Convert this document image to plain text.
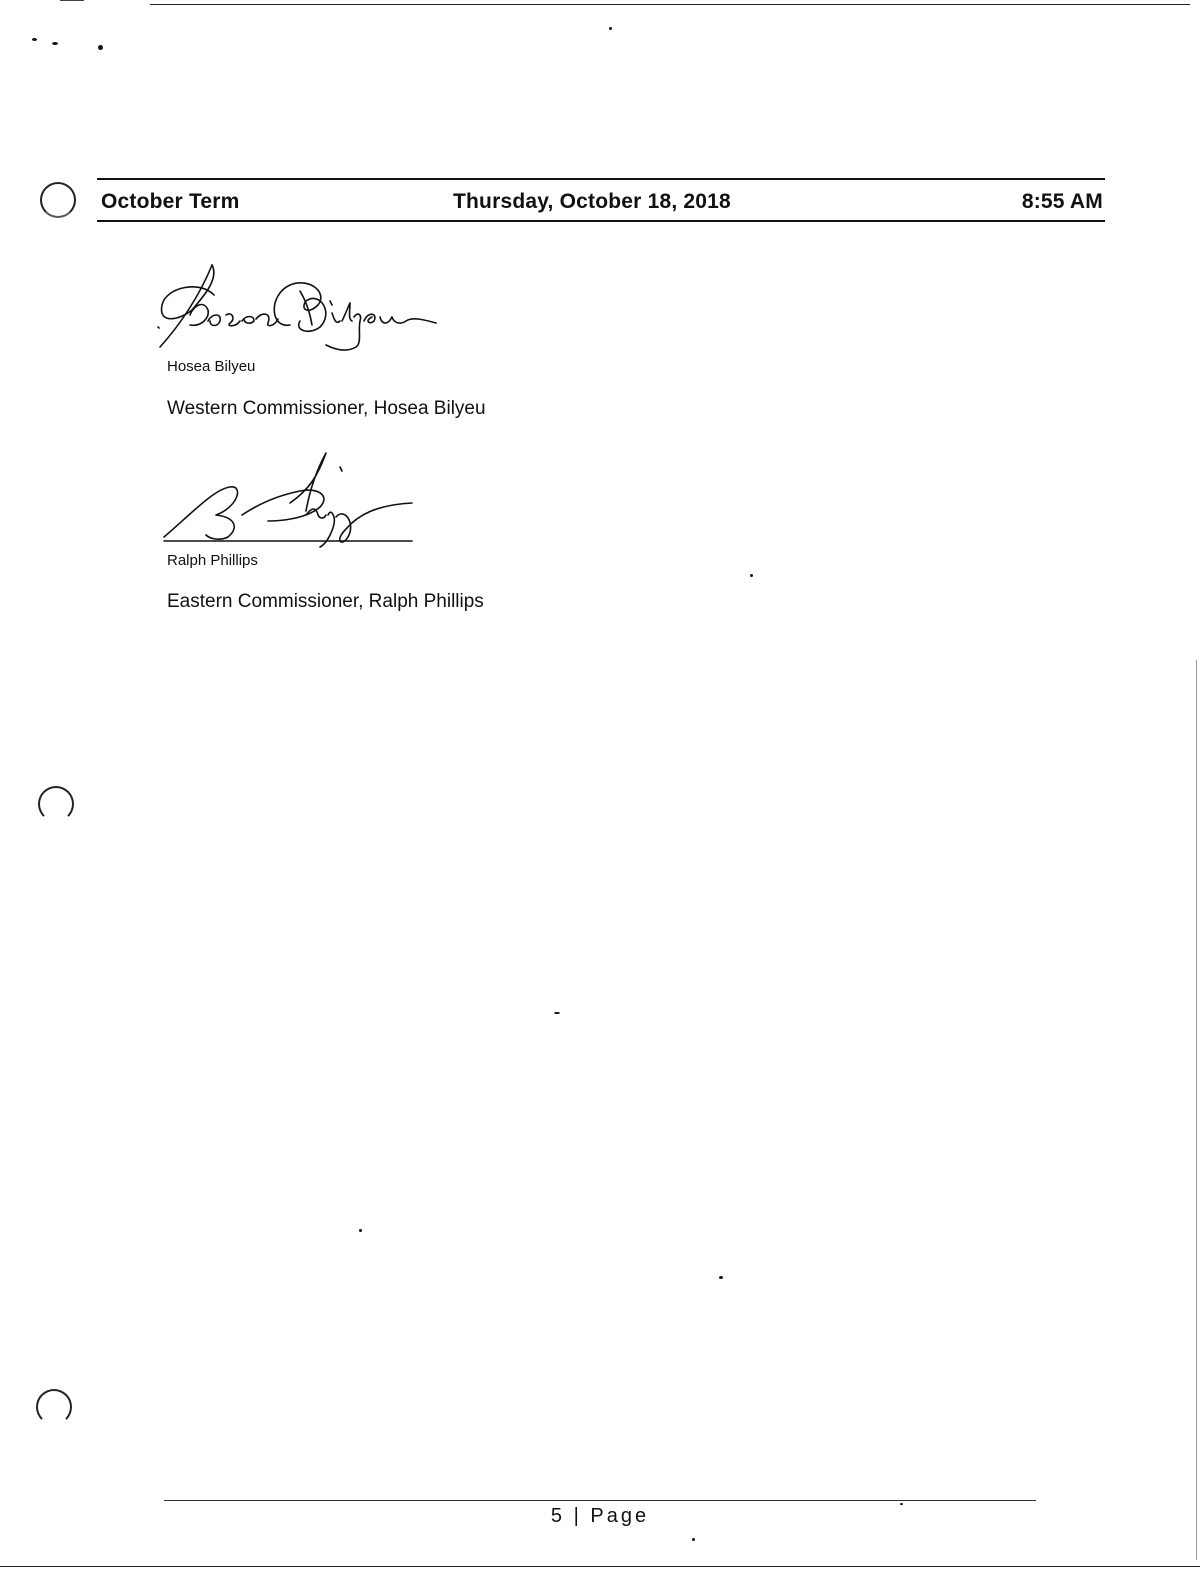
October Term	Thursday, October 18, 2018	8:55 AM
Hosea Bilyeu
Western Commissioner, Hosea Bilyeu
Ralph Phillips
Eastern Commissioner, Ralph Phillips
5 | Page
